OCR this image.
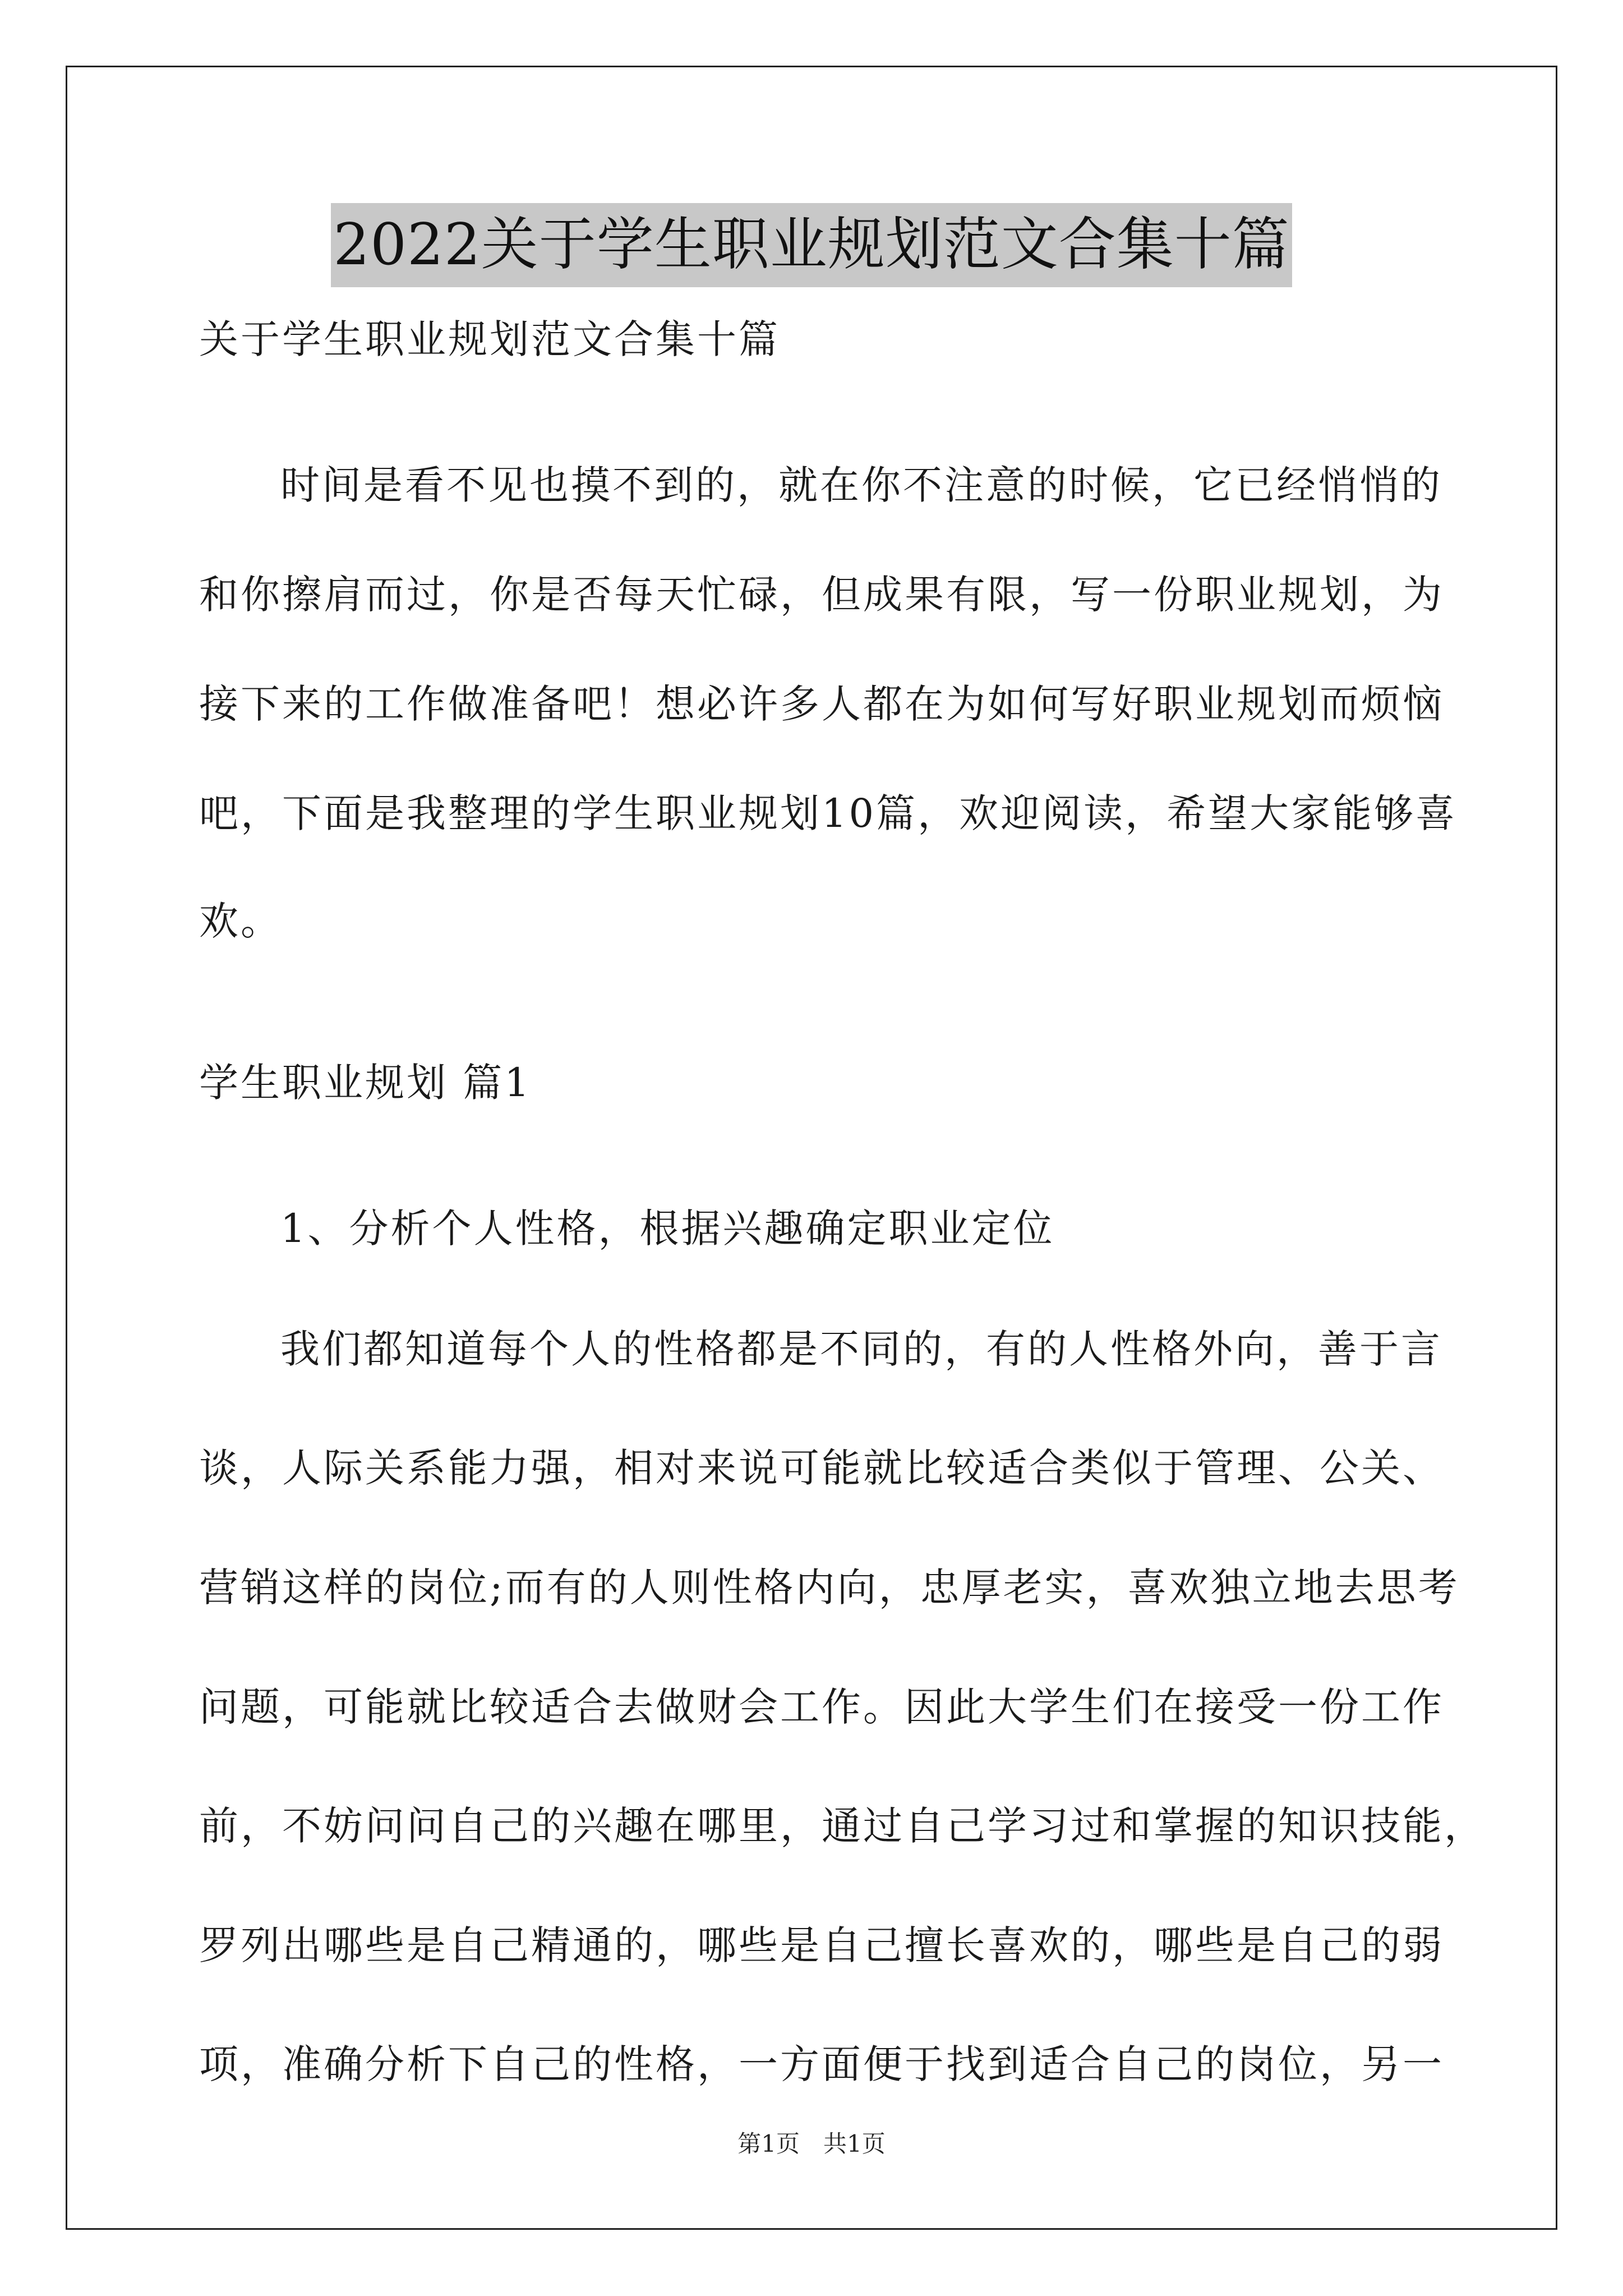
2022关于学生职业规划范文合集十篇
关于学生职业规划范文合集十篇
时间是看不见也摸不到的，就在你不注意的时候，它已经悄悄的
和你擦肩而过，你是否每天忙碌，但成果有限，写一份职业规划，为
接下来的工作做准备吧！想必许多人都在为如何写好职业规划而烦恼
吧，下面是我整理的学生职业规划10篇，欢迎阅读，希望大家能够喜
欢。
学生职业规划 篇1
1、分析个人性格，根据兴趣确定职业定位
我们都知道每个人的性格都是不同的，有的人性格外向，善于言
谈，人际关系能力强，相对来说可能就比较适合类似于管理、公关、
营销这样的岗位;而有的人则性格内向，忠厚老实，喜欢独立地去思考
问题，可能就比较适合去做财会工作。因此大学生们在接受一份工作
前，不妨问问自己的兴趣在哪里，通过自己学习过和掌握的知识技能，
罗列出哪些是自己精通的，哪些是自己擅长喜欢的，哪些是自己的弱
项，准确分析下自己的性格，一方面便于找到适合自己的岗位，另一
第1页　共1页
